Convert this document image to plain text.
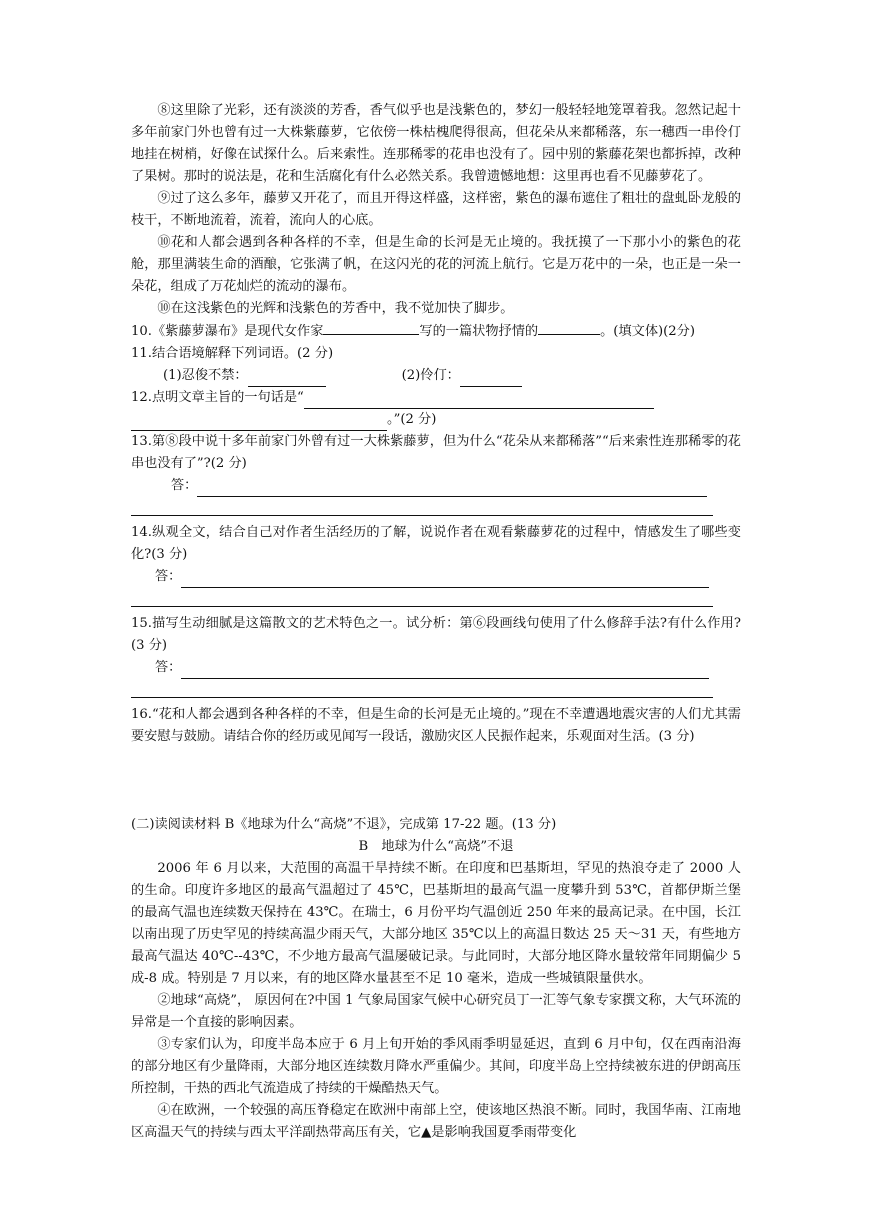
⑧这里除了光彩，还有淡淡的芳香，香气似乎也是浅紫色的，梦幻一般轻轻地笼罩着我。忽然记起十多年前家门外也曾有过一大株紫藤萝，它依傍一株枯槐爬得很高，但花朵从来都稀落，东一穗西一串伶仃地挂在树梢，好像在试探什么。后来索性。连那稀零的花串也没有了。园中别的紫藤花架也都拆掉，改种了果树。那时的说法是，花和生活腐化有什么必然关系。我曾遗憾地想：这里再也看不见藤萝花了。

⑨过了这么多年，藤萝又开花了，而且开得这样盛，这样密，紫色的瀑布遮住了粗壮的盘虬卧龙般的枝干，不断地流着，流着，流向人的心底。

⑩花和人都会遇到各种各样的不幸，但是生命的长河是无止境的。我抚摸了一下那小小的紫色的花舱，那里满装生命的酒酿，它张满了帆，在这闪光的花的河流上航行。它是万花中的一朵，也正是一朵一朵花，组成了万花灿烂的流动的瀑布。

⑩在这浅紫色的光辉和浅紫色的芳香中，我不觉加快了脚步。

10.《紫藤萝瀑布》是现代女作家	写的一篇状物抒情的	。(填文体)(2分)

11.结合语境解释下列词语。(2 分)

(1)忍俊不禁：	(2)伶仃：
12.点明文章主旨的一句话是“
。”(2 分)

13.第⑧段中说十多年前家门外曾有过一大株紫藤萝，但为什么“花朵从来都稀落”“后来索性连那稀零的花串也没有了”?(2 分)

答：

14.纵观全文，结合自己对作者生活经历的了解，说说作者在观看紫藤萝花的过程中，情感发生了哪些变化?(3 分)

答：

15.描写生动细腻是这篇散文的艺术特色之一。试分析：第⑥段画线句使用了什么修辞手法?有什么作用?(3 分)

答：

16.“花和人都会遇到各种各样的不幸，但是生命的长河是无止境的。”现在不幸遭遇地震灾害的人们尤其需要安慰与鼓励。请结合你的经历或见闻写一段话，激励灾区人民振作起来，乐观面对生活。(3 分)

(二)读阅读材料 B《地球为什么“高烧”不退》，完成第 17-22 题。(13 分)

B　地球为什么“高烧”不退

2006 年 6 月以来，大范围的高温干旱持续不断。在印度和巴基斯坦，罕见的热浪夺走了 2000 人的生命。印度许多地区的最高气温超过了 45℃，巴基斯坦的最高气温一度攀升到 53℃，首都伊斯兰堡的最高气温也连续数天保持在 43℃。在瑞士，6 月份平均气温创近 250 年来的最高记录。在中国，长江以南出现了历史罕见的持续高温少雨天气，大部分地区 35℃以上的高温日数达 25 天～31 天，有些地方最高气温达 40℃--43℃，不少地方最高气温屡破记录。与此同时，大部分地区降水量较常年同期偏少 5 成-8 成。特别是 7 月以来，有的地区降水量甚至不足 10 毫米，造成一些城镇限量供水。

②地球“高烧”， 原因何在?中国 1 气象局国家气候中心研究员丁一汇等气象专家撰文称，大气环流的异常是一个直接的影响因素。

③专家们认为，印度半岛本应于 6 月上旬开始的季风雨季明显延迟，直到 6 月中旬，仅在西南沿海的部分地区有少量降雨，大部分地区连续数月降水严重偏少。其间，印度半岛上空持续被东进的伊朗高压所控制，干热的西北气流造成了持续的干燥酷热天气。

④在欧洲，一个较强的高压脊稳定在欧洲中南部上空，使该地区热浪不断。同时，我国华南、江南地区高温天气的持续与西太平洋副热带高压有关，它▲是影响我国夏季雨带变化
